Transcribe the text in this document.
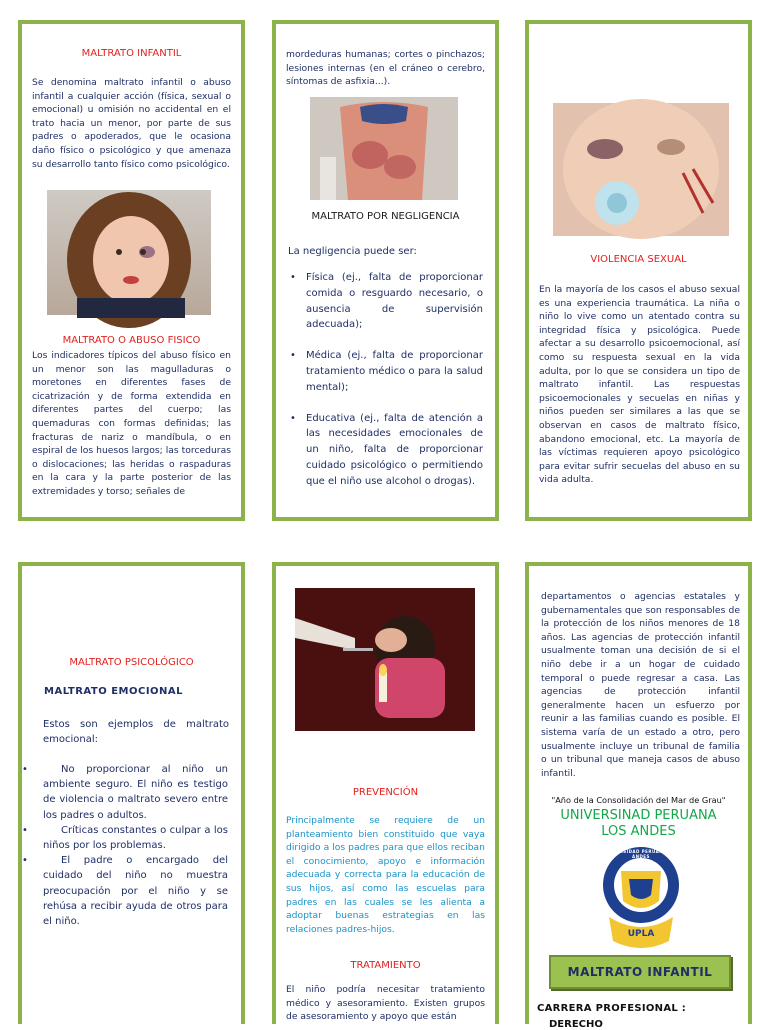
MALTRATO INFANTIL
Se denomina maltrato infantil o abuso infantil a cualquier acción (física, sexual o emocional) u omisión no accidental en el trato hacia un menor, por parte de sus padres o apoderados, que le ocasiona daño físico o psicológico y que amenaza su desarrollo tanto físico como psicológico.
MALTRATO O ABUSO FISICO
Los indicadores típicos del abuso físico en un menor son las magulladuras o moretones en diferentes fases de cicatrización y de forma extendida en diferentes partes del cuerpo; las quemaduras con formas definidas; las fracturas de nariz o mandíbula, o en espiral de los huesos largos; las torceduras o dislocaciones; las heridas o raspaduras en la cara y la parte posterior de las extremidades y torso; señales de
mordeduras humanas; cortes o pinchazos; lesiones internas (en el cráneo o cerebro, síntomas de asfixia...).
MALTRATO POR NEGLIGENCIA
La negligencia puede ser:
• Física (ej., falta de proporcionar comida o resguardo necesario, o ausencia de supervisión adecuada);
• Médica (ej., falta de proporcionar tratamiento médico o para la salud mental);
• Educativa (ej., falta de atención a las necesidades emocionales de un niño, falta de proporcionar cuidado psicológico o permitiendo que el niño use alcohol o drogas).
VIOLENCIA SEXUAL
En la mayoría de los casos el abuso sexual es una experiencia traumática. La niña o niño lo vive como un atentado contra su integridad física y psicológica. Puede afectar a su desarrollo psicoemocional, así como su respuesta sexual en la vida adulta, por lo que se considera un tipo de maltrato infantil. Las respuestas psicoemocionales y secuelas en niñas y niños pueden ser similares a las que se observan en casos de maltrato físico, abandono emocional, etc. La mayoría de las víctimas requieren apoyo psicológico para evitar sufrir secuelas del abuso en su vida adulta.
MALTRATO PSICOLÓGICO
MALTRATO EMOCIONAL
Estos son ejemplos de maltrato emocional:
•	No proporcionar al niño un ambiente seguro. El niño es testigo de violencia o maltrato severo entre los padres o adultos.
•	Críticas constantes o culpar a los niños por los problemas.
•	El padre o encargado del cuidado del niño no muestra preocupación por el niño y se rehúsa a recibir ayuda de otros para el niño.
PREVENCIÓN
Principalmente se requiere de un planteamiento bien constituido que vaya dirigido a los padres para que ellos reciban el conocimiento, apoyo e información adecuada y correcta para la educación de sus hijos, así como las escuelas para padres en las cuales se les alienta a adoptar buenas estrategias en las relaciones padres-hijos.
TRATAMIENTO
El niño podría necesitar tratamiento médico y asesoramiento. Existen grupos de asesoramiento y apoyo que están
departamentos o agencias estatales y gubernamentales que son responsables de la protección de los niños menores de 18 años. Las agencias de protección infantil usualmente toman una decisión de si el niño debe ir a un hogar de cuidado temporal o puede regresar a casa. Las agencias de protección infantil generalmente hacen un esfuerzo por reunir a las familias cuando es posible. El sistema varía de un estado a otro, pero usualmente incluye un tribunal de familia o un tribunal que maneja casos de abuso infantil.
"Año de la Consolidación del Mar de Grau"
UNIVERSINAD PERUANA
LOS ANDES
UNIVERSIDAD PERUANA LOS ANDES
UPLA
MALTRATO INFANTIL
CARRERA PROFESIONAL :
DERECHO
